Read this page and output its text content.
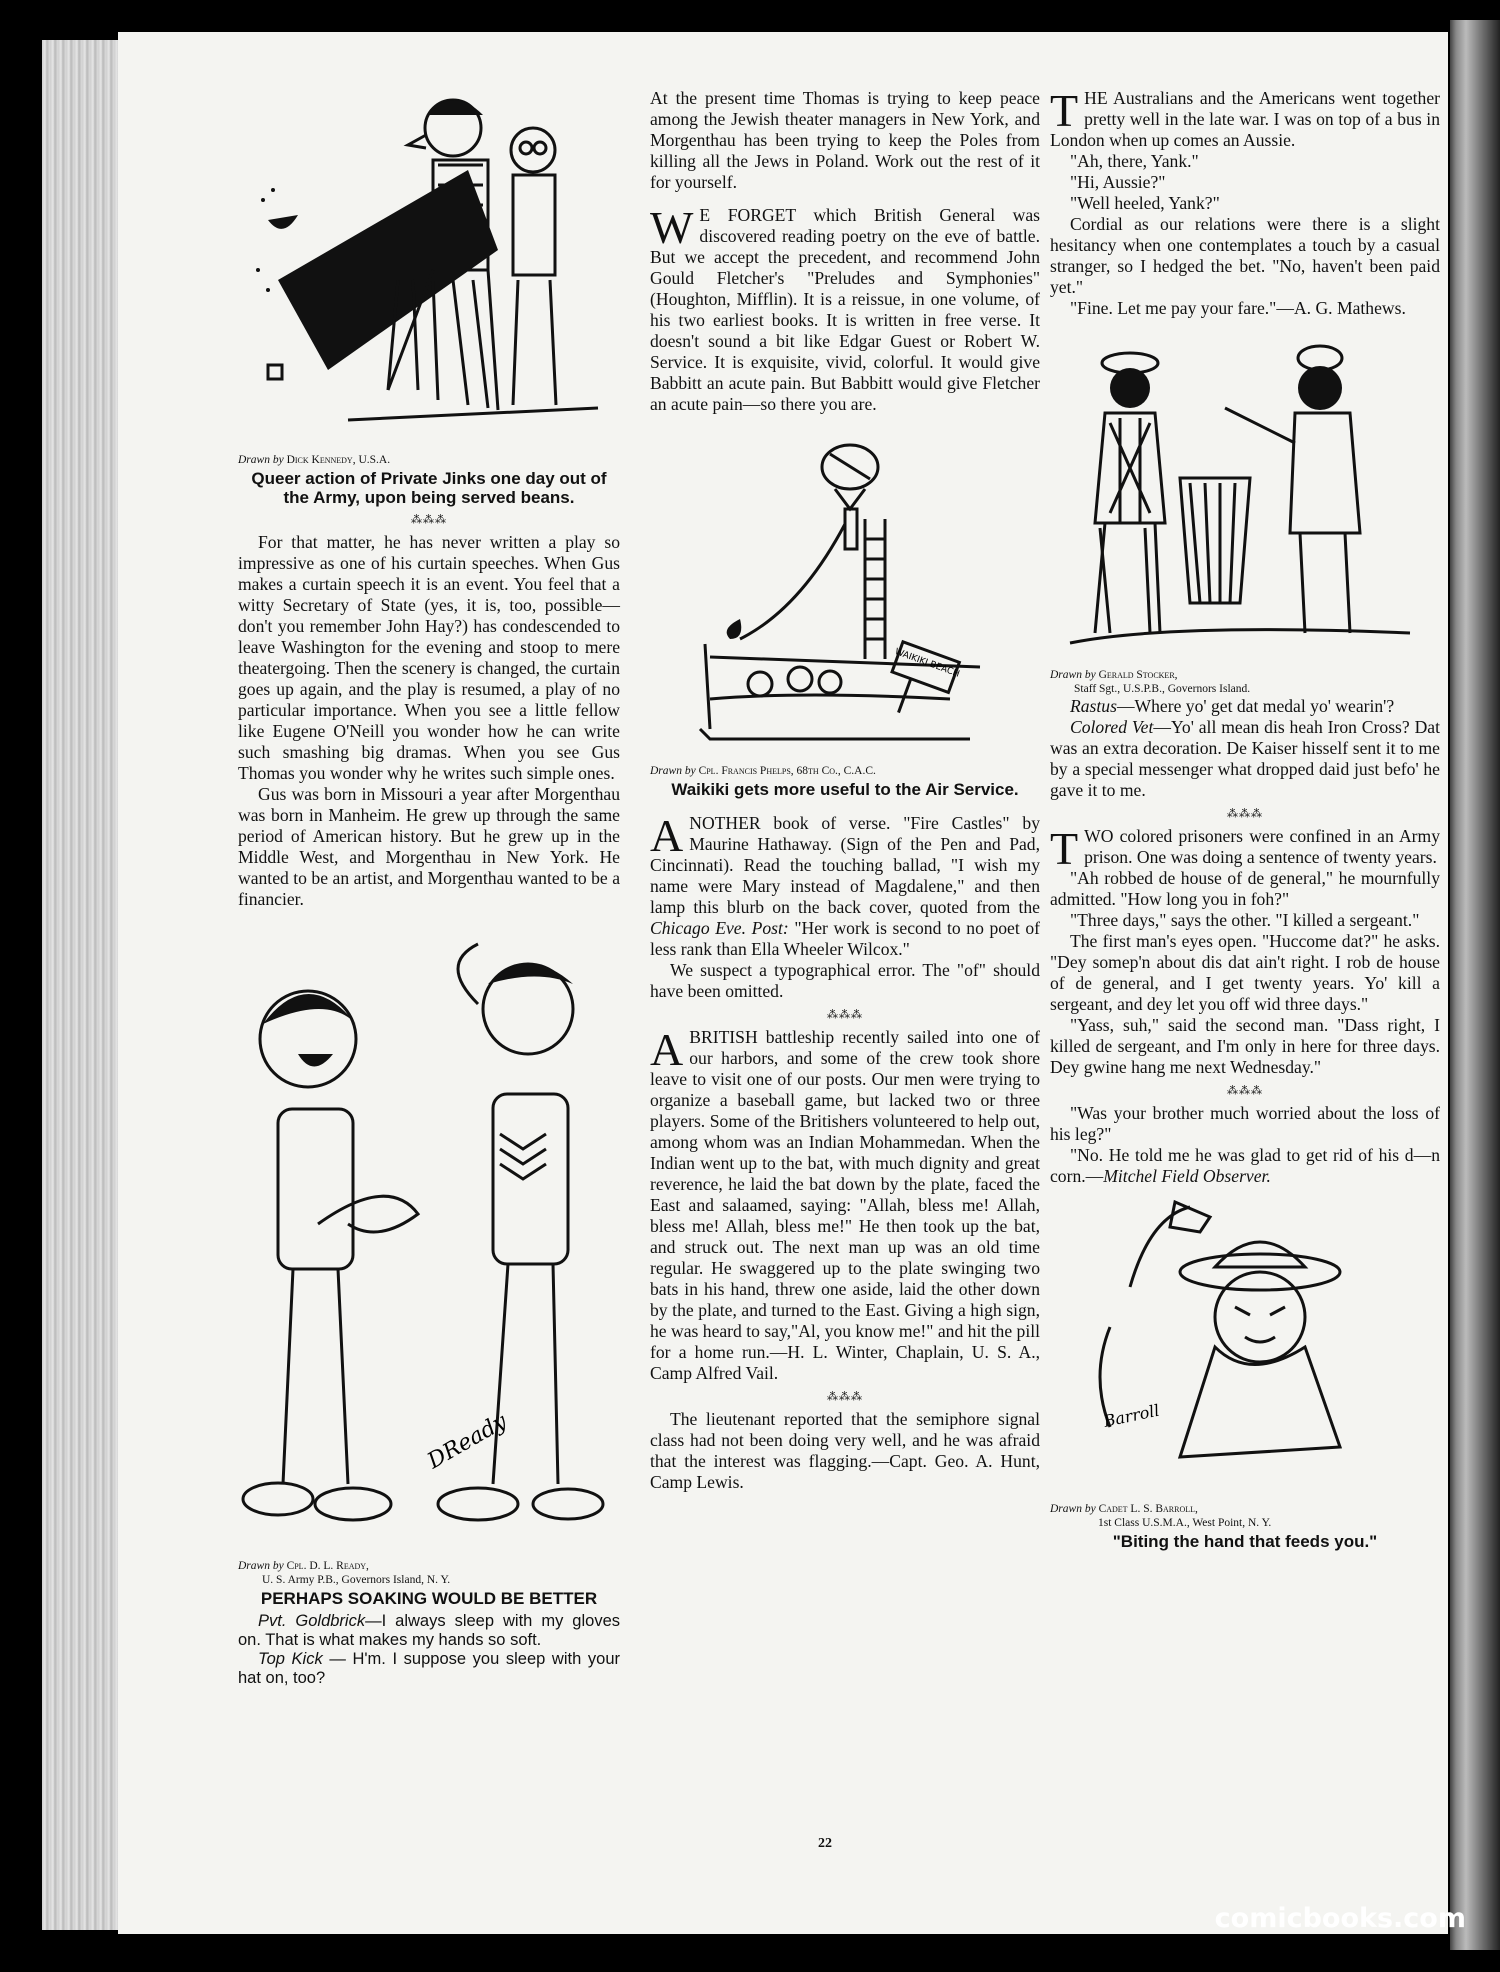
Drawn by Dick Kennedy, U.S.A.

Queer action of Private Jinks one day out of the Army, upon being served beans.

⁂⁂⁂

For that matter, he has never written a play so impressive as one of his curtain speeches. When Gus makes a curtain speech it is an event. You feel that a witty Secretary of State (yes, it is, too, possible—don't you remember John Hay?) has condescended to leave Washington for the evening and stoop to mere theatergoing. Then the scenery is changed, the curtain goes up again, and the play is resumed, a play of no particular importance. When you see a little fellow like Eugene O'Neill you wonder how he can write such smashing big dramas. When you see Gus Thomas you wonder why he writes such simple ones.

Gus was born in Missouri a year after Morgenthau was born in Manheim. He grew up through the same period of American history. But he grew up in the Middle West, and Morgenthau in New York. He wanted to be an artist, and Morgenthau wanted to be a financier.

DReady

Drawn by Cpl. D. L. Ready,

U. S. Army P.B., Governors Island, N. Y.

PERHAPS SOAKING WOULD BE BETTER

Pvt. Goldbrick—I always sleep with my gloves on. That is what makes my hands so soft.

Top Kick — H'm. I suppose you sleep with your hat on, too?

At the present time Thomas is trying to keep peace among the Jewish theater managers in New York, and Morgenthau has been trying to keep the Poles from killing all the Jews in Poland. Work out the rest of it for yourself.

W E FORGET which British General was discovered reading poetry on the eve of battle. But we accept the precedent, and recommend John Gould Fletcher's "Preludes and Symphonies" (Houghton, Mifflin). It is a reissue, in one volume, of his two earliest books. It is written in free verse. It doesn't sound a bit like Edgar Guest or Robert W. Service. It is exquisite, vivid, colorful. It would give Babbitt an acute pain. But Babbitt would give Fletcher an acute pain—so there you are.

WAIKIKI BEACH

Drawn by Cpl. Francis Phelps, 68th Co., C.A.C.

Waikiki gets more useful to the Air Service.

ANOTHER book of verse. "Fire Castles" by Maurine Hathaway. (Sign of the Pen and Pad, Cincinnati). Read the touching ballad, "I wish my name were Mary instead of Magdalene," and then lamp this blurb on the back cover, quoted from the Chicago Eve. Post: "Her work is second to no poet of less rank than Ella Wheeler Wilcox."

We suspect a typographical error. The "of" should have been omitted.

⁂⁂⁂

ABRITISH battleship recently sailed into one of our harbors, and some of the crew took shore leave to visit one of our posts. Our men were trying to organize a baseball game, but lacked two or three players. Some of the Britishers volunteered to help out, among whom was an Indian Mohammedan. When the Indian went up to the bat, with much dignity and great reverence, he laid the bat down by the plate, faced the East and salaamed, saying: "Allah, bless me! Allah, bless me! Allah, bless me!" He then took up the bat, and struck out. The next man up was an old time regular. He swaggered up to the plate swinging two bats in his hand, threw one aside, laid the other down by the plate, and turned to the East. Giving a high sign, he was heard to say,"Al, you know me!" and hit the pill for a home run.—H. L. Winter, Chaplain, U. S. A., Camp Alfred Vail.

⁂⁂⁂

The lieutenant reported that the semiphore signal class had not been doing very well, and he was afraid that the interest was flagging.—Capt. Geo. A. Hunt, Camp Lewis.

THE Australians and the Americans went together pretty well in the late war. I was on top of a bus in London when up comes an Aussie.

"Ah, there, Yank."

"Hi, Aussie?"

"Well heeled, Yank?"

Cordial as our relations were there is a slight hesitancy when one contemplates a touch by a casual stranger, so I hedged the bet. "No, haven't been paid yet."

"Fine. Let me pay your fare."—A. G. Mathews.

Drawn by Gerald Stocker,

Staff Sgt., U.S.P.B., Governors Island.

Rastus—Where yo' get dat medal yo' wearin'?

Colored Vet—Yo' all mean dis heah Iron Cross? Dat was an extra decoration. De Kaiser hisself sent it to me by a special messenger what dropped daid just befo' he gave it to me.

⁂⁂⁂

TWO colored prisoners were confined in an Army prison. One was doing a sentence of twenty years.

"Ah robbed de house of de general," he mournfully admitted. "How long you in foh?"

"Three days," says the other. "I killed a sergeant."

The first man's eyes open. "Huccome dat?" he asks. "Dey somep'n about dis dat ain't right. I rob de house of de general, and I get twenty years. Yo' kill a sergeant, and dey let you off wid three days."

"Yass, suh," said the second man. "Dass right, I killed de sergeant, and I'm only in here for three days. Dey gwine hang me next Wednesday."

⁂⁂⁂

"Was your brother much worried about the loss of his leg?"

"No. He told me he was glad to get rid of his d—n corn.—Mitchel Field Observer.

Barroll

Drawn by Cadet L. S. Barroll,

1st Class U.S.M.A., West Point, N. Y.

"Biting the hand that feeds you."

22
comicbooks.com
